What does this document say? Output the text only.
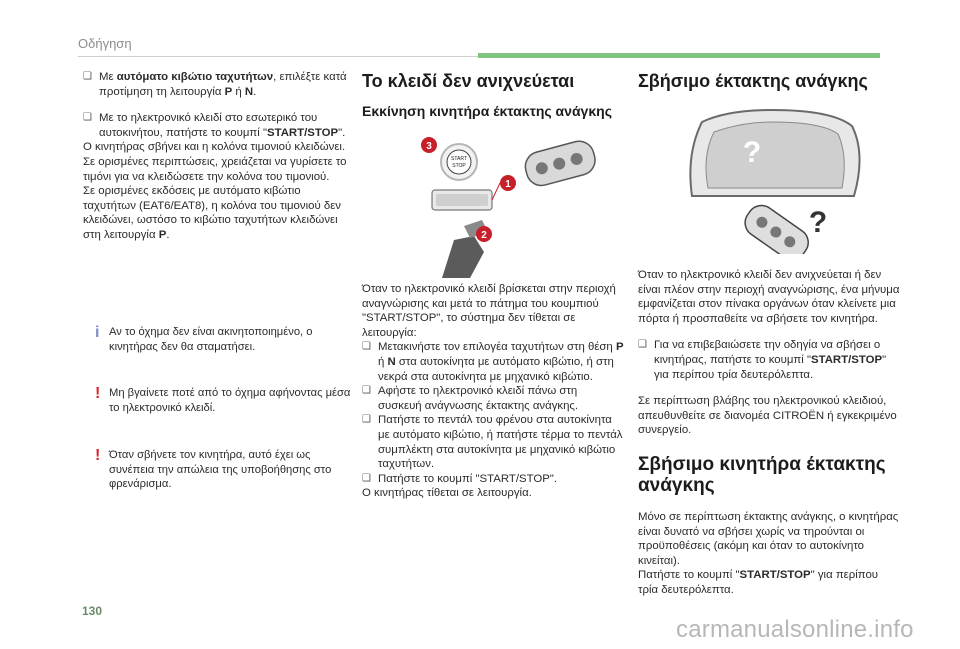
Οδήγηση
❑ Με αυτόματο κιβώτιο ταχυτήτων, επιλέξτε κατά προτίμηση τη λειτουργία P ή N.
❑ Με το ηλεκτρονικό κλειδί στο εσωτερικό του αυτοκινήτου, πατήστε το κουμπί "START/STOP".
Ο κινητήρας σβήνει και η κολόνα τιμονιού κλειδώνει.
Σε ορισμένες περιπτώσεις, χρειάζεται να γυρίσετε το τιμόνι για να κλειδώσετε την κολόνα του τιμονιού.
Σε ορισμένες εκδόσεις με αυτόματο κιβώτιο ταχυτήτων (EAT6/EAT8), η κολόνα του τιμονιού δεν κλειδώνει, ωστόσο το κιβώτιο ταχυτήτων κλειδώνει στη λειτουργία P.
i Αν το όχημα δεν είναι ακινητοποιημένο, ο κινητήρας δεν θα σταματήσει.
! Μη βγαίνετε ποτέ από το όχημα αφήνοντας μέσα το ηλεκτρονικό κλειδί.
! Όταν σβήνετε τον κινητήρα, αυτό έχει ως συνέπεια την απώλεια της υποβοήθησης στο φρενάρισμα.
Το κλειδί δεν ανιχνεύεται
Εκκίνηση κινητήρα έκτακτης ανάγκης
START
STOP
3
1
2
Όταν το ηλεκτρονικό κλειδί βρίσκεται στην περιοχή αναγνώρισης και μετά το πάτημα του κουμπιού "START/STOP", το σύστημα δεν τίθεται σε λειτουργία:
❑ Μετακινήστε τον επιλογέα ταχυτήτων στη θέση P ή N στα αυτοκίνητα με αυτόματο κιβώτιο, ή στη νεκρά στα αυτοκίνητα με μηχανικό κιβώτιο.
❑ Αφήστε το ηλεκτρονικό κλειδί πάνω στη συσκευή ανάγνωσης έκτακτης ανάγκης.
❑ Πατήστε το πεντάλ του φρένου στα αυτοκίνητα με αυτόματο κιβώτιο, ή πατήστε τέρμα το πεντάλ συμπλέκτη στα αυτοκίνητα με μηχανικό κιβώτιο ταχυτήτων.
❑ Πατήστε το κουμπί "START/STOP".
Ο κινητήρας τίθεται σε λειτουργία.
Σβήσιμο έκτακτης ανάγκης
?
?
Όταν το ηλεκτρονικό κλειδί δεν ανιχνεύεται ή δεν είναι πλέον στην περιοχή αναγνώρισης, ένα μήνυμα εμφανίζεται στον πίνακα οργάνων όταν κλείνετε μια πόρτα ή προσπαθείτε να σβήσετε τον κινητήρα.
❑ Για να επιβεβαιώσετε την οδηγία να σβήσει ο κινητήρας, πατήστε το κουμπί "START/STOP" για περίπου τρία δευτερόλεπτα.
Σε περίπτωση βλάβης του ηλεκτρονικού κλειδιού, απευθυνθείτε σε διανομέα CITROËN ή εγκεκριμένο συνεργείο.
Σβήσιμο κινητήρα έκτακτης ανάγκης
Μόνο σε περίπτωση έκτακτης ανάγκης, ο κινητήρας είναι δυνατό να σβήσει χωρίς να τηρούνται οι προϋποθέσεις (ακόμη και όταν το αυτοκίνητο κινείται).
Πατήστε το κουμπί "START/STOP" για περίπου τρία δευτερόλεπτα.
130
carmanualsonline.info
